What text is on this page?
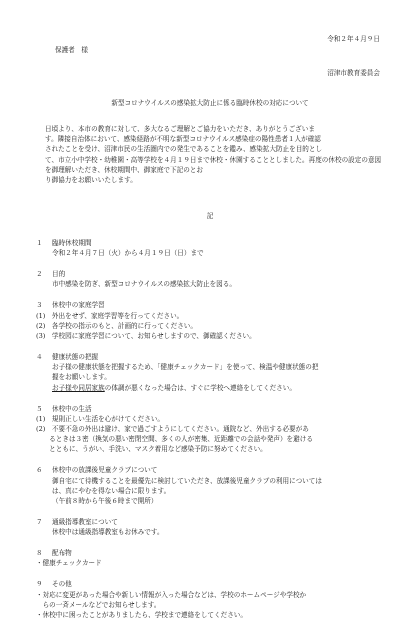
令和２年４月９日
保護者　様
沼津市教育委員会
新型コロナウイルスの感染拡大防止に係る臨時休校の対応について
日頃より、本市の教育に対して、多大なるご理解とご協力をいただき、ありがとうございま
す。隣接自治体において、感染経路が不明な新型コロナウイルス感染症の陽性患者１人が確認
されたことを受け、沼津市民の生活圏内での発生であることを鑑み、感染拡大防止を目的とし
て、市立小中学校・幼稚園・高等学校を４月１９日まで休校・休園することとしました。再度の休校の設定の意図を御理解いただき、休校期間中、御家庭で下記のとお
り御協力をお願いいたします。
記
１ 臨時休校期間
令和２年４月７日（火）から４月１９日（日）まで
２ 目的
市中感染を防ぎ、新型コロナウイルスの感染拡大防止を図る。
３ 休校中の家庭学習
(1)　外出をせず、家庭学習等を行ってください。
(2)　各学校の指示のもと、計画的に行ってください。
(3)　学校园に家庭学習について、お知らせしますので、御確認ください。
４ 健康状態の把握
お子様の健康状態を把握するため、「健康チェックカード」を使って、検温や健康状態の把
握をお願いします。
お子様や同居家族の体調が悪くなった場合は、すぐに学校へ連絡をしてください。
５ 休校中の生活
(1)　規則正しい生活を心がけてください。
(2)　不要不急の外出は避け、家で過ごすようにしてください。通院など、外出する必要があ
　　るときは３密（換気の悪い密閉空間、多くの人が密集、近距離での会話や発声）を避ける
　　とともに、うがい、手洗い、マスク着用など感染予防に努めてください。
６ 休校中の放課後児童クラブについて
御自宅にて待機することを最優先に検討していただき、放課後児童クラブの利用については
は、真にやむを得ない場合に限ります。
（午前８時から午後６時まで開所）
７ 通級指導教室について
休校中は通級指導教室もお休みです。
８ 配布物
・健康チェックカード
９ その他
・対応に変更があった場合や新しい情報が入った場合などは、学校のホームページや学校か
　らの一斉メールなどでお知らせします。
・休校中に困ったことがありましたら、学校まで連絡をしてください。
